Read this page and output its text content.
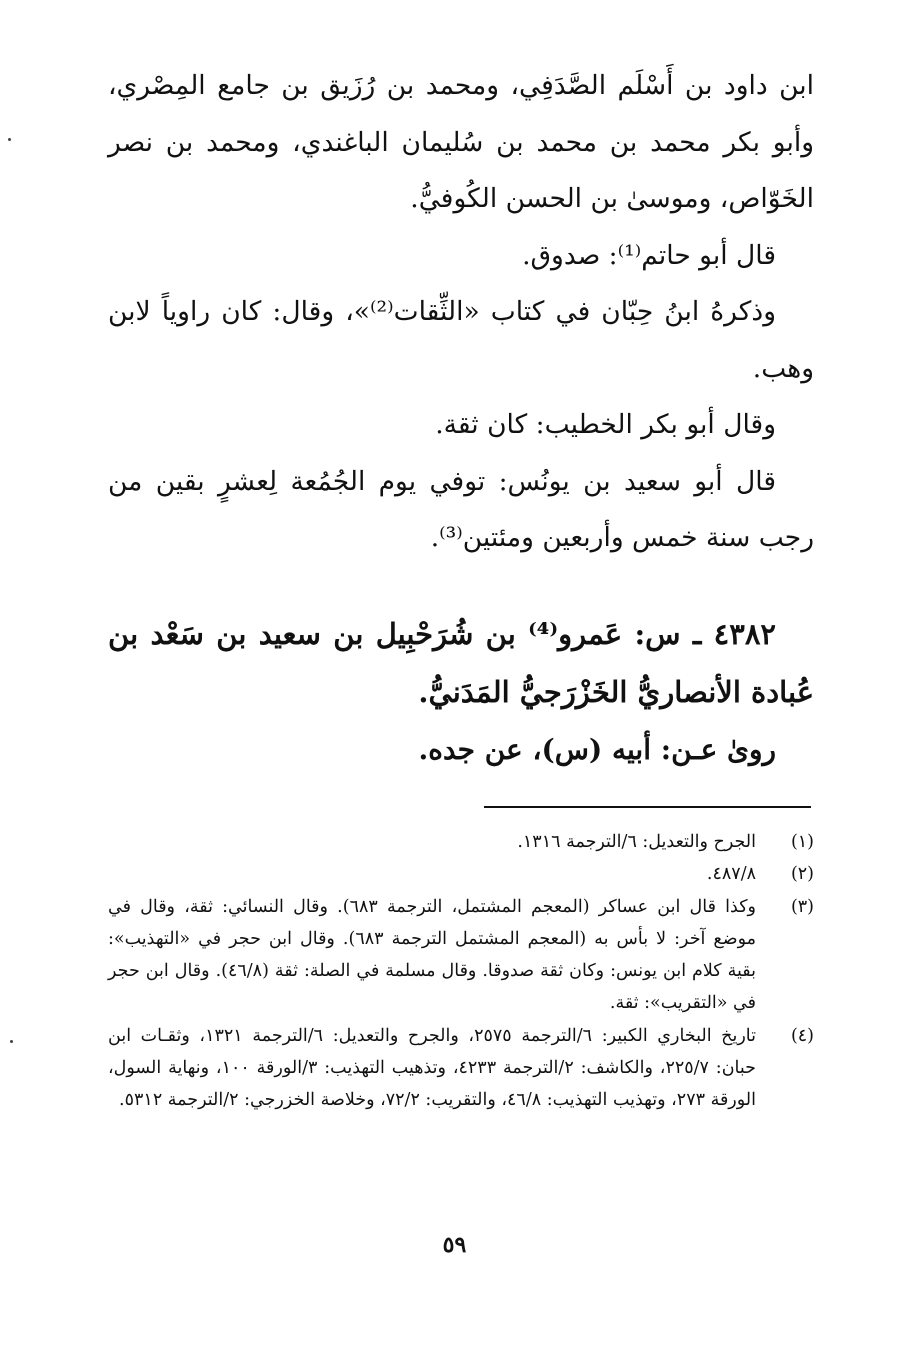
ابن داود بن أَسْلَم الصَّدَفِي، ومحمد بن رُزَيق بن جامع المِصْري، وأبو بكر محمد بن محمد بن سُليمان الباغندي، ومحمد بن نصر الخَوّاص، وموسىٰ بن الحسن الكُوفيُّ.

قال أبو حاتم⁽¹⁾: صدوق.

وذكرهُ ابنُ حِبّان في كتاب «الثِّقات⁽²⁾»، وقال: كان راوياً لابن وهب.

وقال أبو بكر الخطيب: كان ثقة.

قال أبو سعيد بن يونُس: توفي يوم الجُمُعة لِعشرٍ بقين من رجب سنة خمس وأربعين ومئتين⁽³⁾.

٤٣٨٢ ـ س: عَمرو⁽⁴⁾ بن شُرَحْبِيل بن سعيد بن سَعْد بن عُبادة الأنصاريُّ الخَزْرَجيُّ المَدَنيُّ.

روىٰ عـن: أبيه (س)، عن جده.

(١)
الجرح والتعديل: ٦/الترجمة ١٣١٦.

(٢)
٤٨٧/٨.

(٣)
وكذا قال ابن عساكر (المعجم المشتمل، الترجمة ٦٨٣). وقال النسائي: ثقة، وقال في موضع آخر: لا بأس به (المعجم المشتمل الترجمة ٦٨٣). وقال ابن حجر في «التهذيب»: بقية كلام ابن يونس: وكان ثقة صدوقا. وقال مسلمة في الصلة: ثقة (٤٦/٨). وقال ابن حجر في «التقريب»: ثقة.

(٤)
تاريخ البخاري الكبير: ٦/الترجمة ٢٥٧٥، والجرح والتعديل: ٦/الترجمة ١٣٢١، وثقـات ابن حبان: ٢٢٥/٧، والكاشف: ٢/الترجمة ٤٢٣٣، وتذهيب التهذيب: ٣/الورقة ١٠٠، ونهاية السول، الورقة ٢٧٣، وتهذيب التهذيب: ٤٦/٨، والتقريب: ٧٢/٢، وخلاصة الخزرجي: ٢/الترجمة ٥٣١٢.

٥٩
